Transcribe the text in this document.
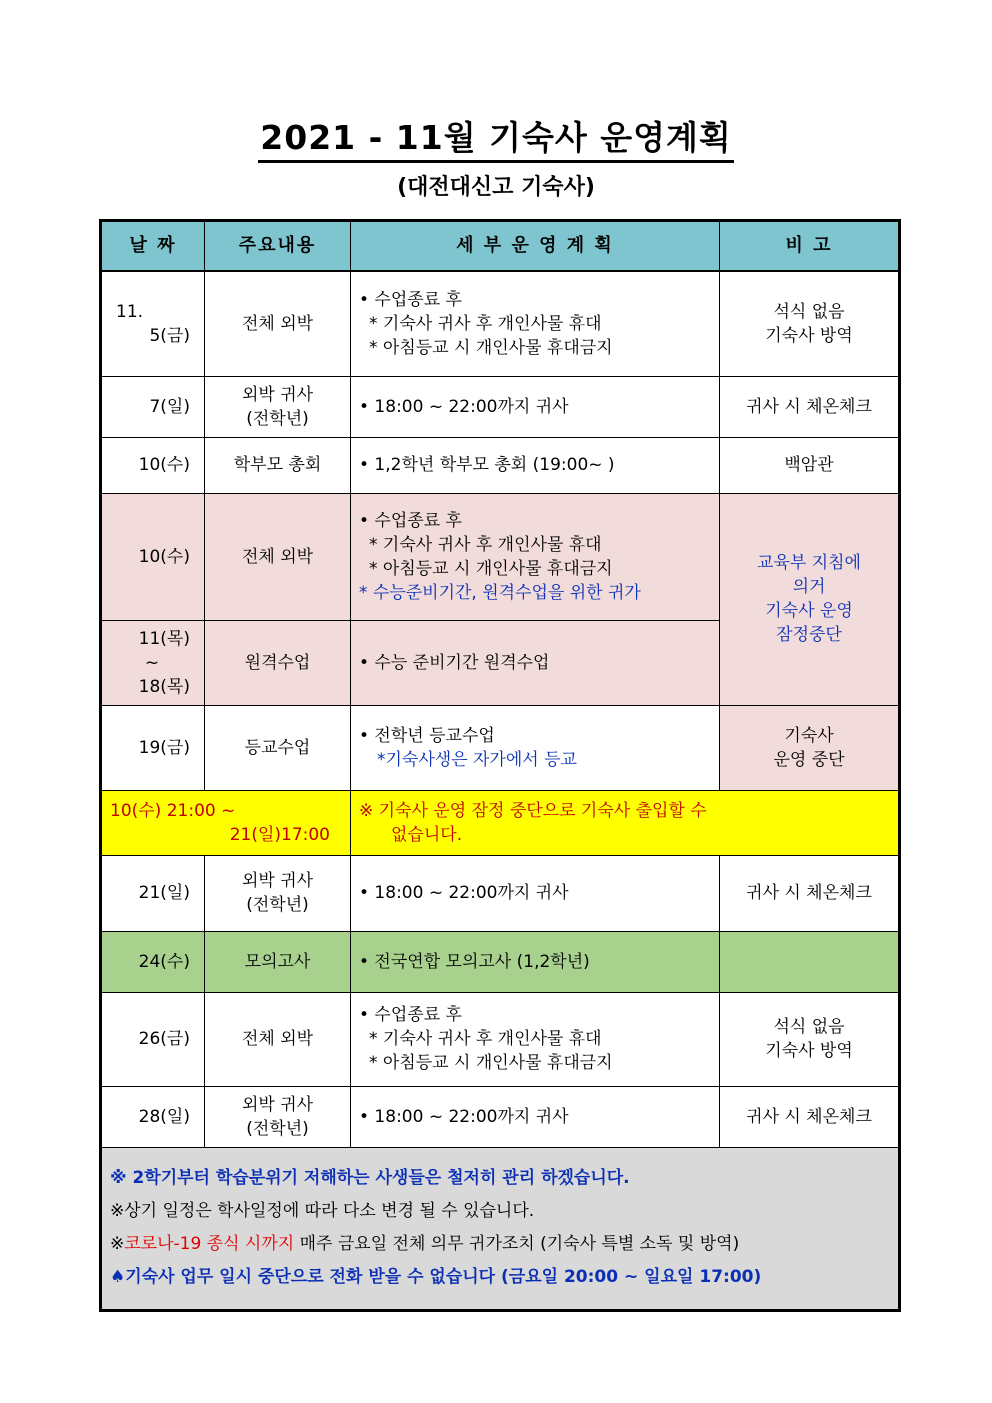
2021 - 11월 기숙사 운영계획
(대전대신고 기숙사)
날 짜	주요내용	세 부 운 영 계 획	비 고

11.
5(금)	전체 외박	• 수업종료 후
* 기숙사 귀사 후 개인사물 휴대
* 아침등교 시 개인사물 휴대금지	석식 없음
기숙사 방역

7(일)	외박 귀사
(전학년)	• 18:00 ~ 22:00까지 귀사	귀사 시 체온체크
10(수)	학부모 총회	• 1,2학년 학부모 총회 (19:00~ )	백암관
10(수)	전체 외박	• 수업종료 후
* 기숙사 귀사 후 개인사물 휴대
* 아침등교 시 개인사물 휴대금지
* 수능준비기간, 원격수업을 위한 귀가	교육부 지침에
의거
기숙사 운영
잠정중단

11(목)
~
18(목)	원격수업	• 수능 준비기간 원격수업	
19(금)	등교수업	• 전학년 등교수업
*기숙사생은 자가에서 등교	기숙사
운영 중단

10(수) 21:00 ~
21(일)17:00		※ 기숙사 운영 잠정 중단으로 기숙사 출입할 수
없습니다.	

21(일)	외박 귀사
(전학년)	• 18:00 ~ 22:00까지 귀사	귀사 시 체온체크
24(수)	모의고사	• 전국연합 모의고사 (1,2학년)	
26(금)	전체 외박	• 수업종료 후
* 기숙사 귀사 후 개인사물 휴대
* 아침등교 시 개인사물 휴대금지	석식 없음
기숙사 방역

28(일)	외박 귀사
(전학년)	• 18:00 ~ 22:00까지 귀사	귀사 시 체온체크

※ 2학기부터 학습분위기 저해하는 사생들은 철저히 관리 하겠습니다.
※상기 일정은 학사일정에 따라 다소 변경 될 수 있습니다.
※코로나-19 종식 시까지 매주 금요일 전체 의무 귀가조치 (기숙사 특별 소독 및 방역)
♠기숙사 업무 일시 중단으로 전화 받을 수 없습니다 (금요일 20:00 ~ 일요일 17:00)			
